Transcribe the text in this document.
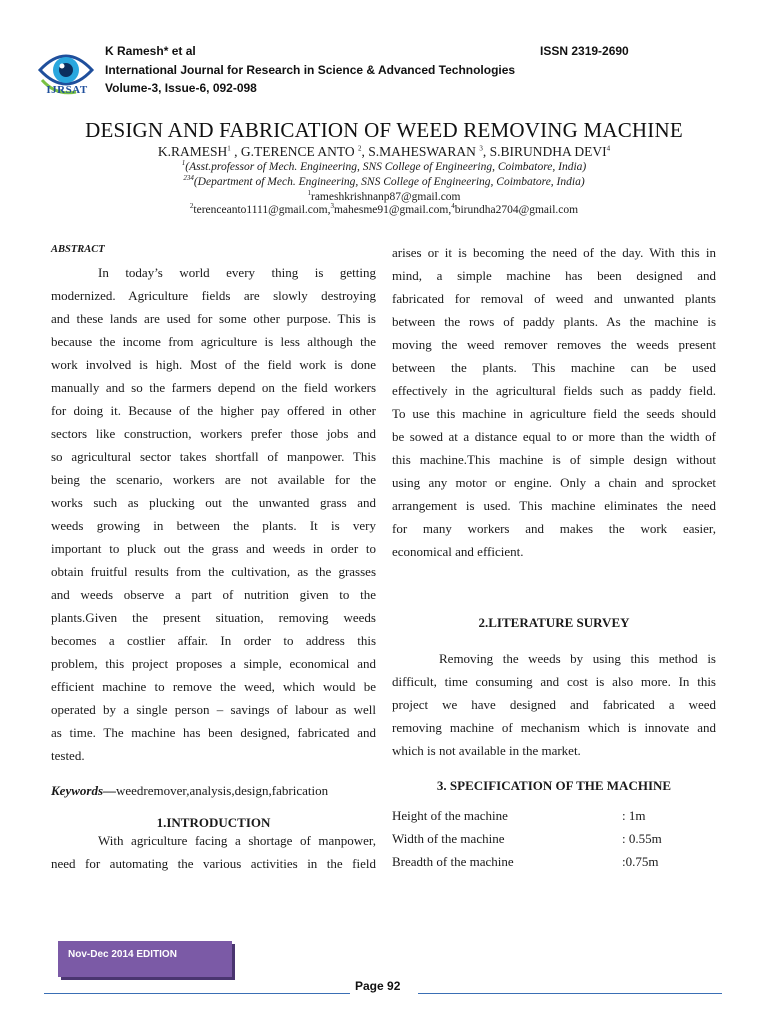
IJRSAT
K Ramesh* et al	ISSN 2319-2690
International Journal for Research in Science & Advanced Technologies
Volume-3, Issue-6, 092-098
DESIGN AND FABRICATION OF WEED REMOVING MACHINE
K.RAMESH$^1$ , G.TERENCE ANTO $^2$, S.MAHESWARAN $^3$, S.BIRUNDHA DEVI$^4$
$^1$(Asst.professor of Mech. Engineering, SNS College of Engineering, Coimbatore, India)
$^{234}$(Department of Mech. Engineering, SNS College of Engineering, Coimbatore, India)
$^1$rameshkrishnanp87@gmail.com
$^2$terenceanto1111@gmail.com,$^3$mahesme91@gmail.com,$^4$birundha2704@gmail.com
ABSTRACT
In today’s world every thing is getting
modernized. Agriculture fields are slowly destroying
and these lands are used for some other purpose. This is
because the income from agriculture is less although the
work involved is high. Most of the field work is done
manually and so the farmers depend on the field workers
for doing it. Because of the higher pay offered in other
sectors like construction, workers prefer those jobs and
so agricultural sector takes shortfall of manpower. This
being the scenario, workers are not available for the
works such as plucking out the unwanted grass and
weeds growing in between the plants. It is very
important to pluck out the grass and weeds in order to
obtain fruitful results from the cultivation, as the grasses
and weeds observe a part of nutrition given to the
plants.Given the present situation, removing weeds
becomes a costlier affair. In order to address this
problem, this project proposes a simple, economical and
efficient machine to remove the weed, which would be
operated by a single person – savings of labour as well
as time. The machine has been designed, fabricated and
tested.
Keywords—weedremover,analysis,design,fabrication
1.INTRODUCTION
With agriculture facing a shortage of manpower,
need for automating the various activities in the field
arises or it is becoming the need of the day. With this in
mind, a simple machine has been designed and
fabricated for removal of weed and unwanted plants
between the rows of paddy plants. As the machine is
moving the weed remover removes the weeds present
between the plants. This machine can be used
effectively in the agricultural fields such as paddy field.
To use this machine in agriculture field the seeds should
be sowed at a distance equal to or more than the width of
this machine.This machine is of simple design without
using any motor or engine. Only a chain and sprocket
arrangement is used. This machine eliminates the need
for many workers and makes the work easier,
economical and efficient.
2.LITERATURE SURVEY
Removing the weeds by using this method is
difficult, time consuming and cost is also more. In this
project we have designed and fabricated a weed
removing machine of mechanism which is innovate and
which is not available in the market.
3. SPECIFICATION OF THE MACHINE
Height of the machine	: 1m
Width of the machine	: 0.55m
Breadth of the machine	:0.75m
Nov-Dec 2014 EDITION
Page 92
